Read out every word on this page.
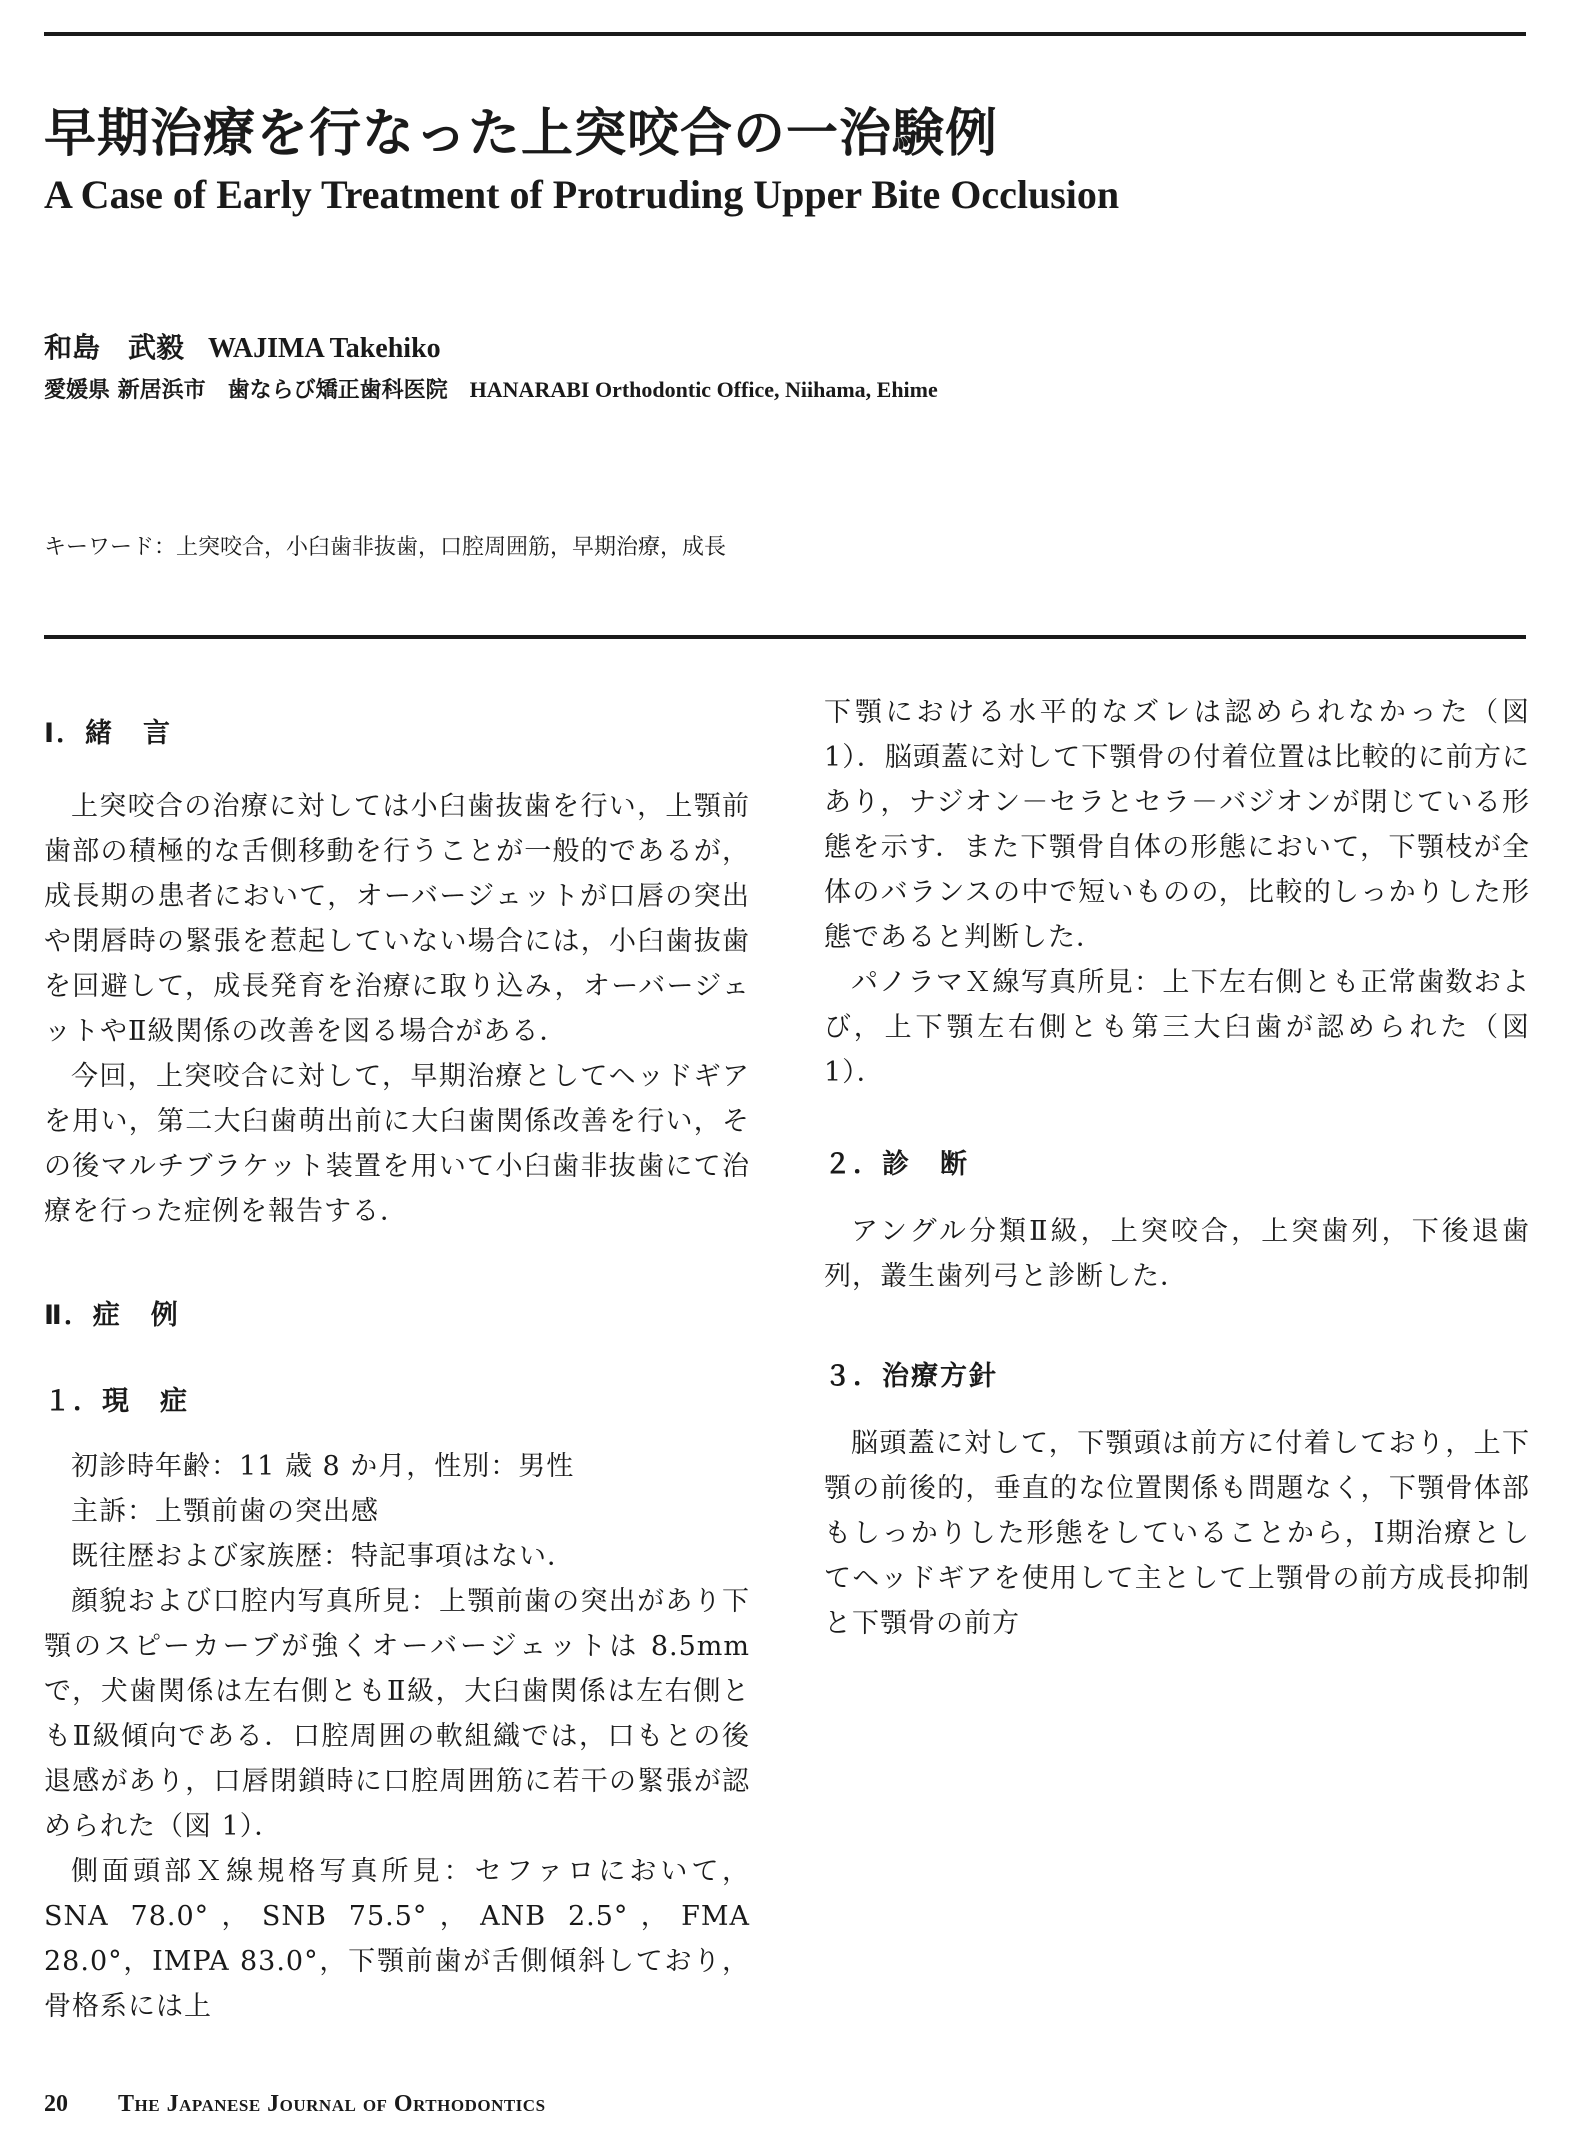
早期治療を行なった上突咬合の一治験例
A Case of Early Treatment of Protruding Upper Bite Occlusion
和島　武毅 WAJIMA Takehiko
愛媛県 新居浜市　歯ならび矯正歯科医院 HANARABI Orthodontic Office, Niihama, Ehime
キーワード：上突咬合，小臼歯非抜歯，口腔周囲筋，早期治療，成長

Ⅰ．緒　言

上突咬合の治療に対しては小臼歯抜歯を行い，上顎前歯部の積極的な舌側移動を行うことが一般的であるが，成長期の患者において，オーバージェットが口唇の突出や閉唇時の緊張を惹起していない場合には，小臼歯抜歯を回避して，成長発育を治療に取り込み，オーバージェットやⅡ級関係の改善を図る場合がある．

今回，上突咬合に対して，早期治療としてヘッドギアを用い，第二大臼歯萌出前に大臼歯関係改善を行い，その後マルチブラケット装置を用いて小臼歯非抜歯にて治療を行った症例を報告する．

Ⅱ．症　例

１．現　症

初診時年齢：11 歳 8 か月，性別：男性

主訴：上顎前歯の突出感

既往歴および家族歴：特記事項はない．

顔貌および口腔内写真所見：上顎前歯の突出があり下顎のスピーカーブが強くオーバージェットは 8.5mm で，犬歯関係は左右側ともⅡ級，大臼歯関係は左右側ともⅡ級傾向である．口腔周囲の軟組織では，口もとの後退感があり，口唇閉鎖時に口腔周囲筋に若干の緊張が認められた（図 1）．

側面頭部Ｘ線規格写真所見：セファロにおいて，SNA 78.0°，SNB 75.5°，ANB 2.5°，FMA 28.0°，IMPA 83.0°，下顎前歯が舌側傾斜しており，骨格系には上

下顎における水平的なズレは認められなかった（図 1）．脳頭蓋に対して下顎骨の付着位置は比較的に前方にあり，ナジオン－セラとセラ－バジオンが閉じている形態を示す．また下顎骨自体の形態において，下顎枝が全体のバランスの中で短いものの，比較的しっかりした形態であると判断した．

パノラマＸ線写真所見：上下左右側とも正常歯数および，上下顎左右側とも第三大臼歯が認められた（図 1）．

２．診　断

アングル分類Ⅱ級，上突咬合，上突歯列，下後退歯列，叢生歯列弓と診断した．

３．治療方針

脳頭蓋に対して，下顎頭は前方に付着しており，上下顎の前後的，垂直的な位置関係も問題なく，下顎骨体部もしっかりした形態をしていることから，Ⅰ期治療としてヘッドギアを使用して主として上顎骨の前方成長抑制と下顎骨の前方

20 The Japanese Journal of Orthodontics
